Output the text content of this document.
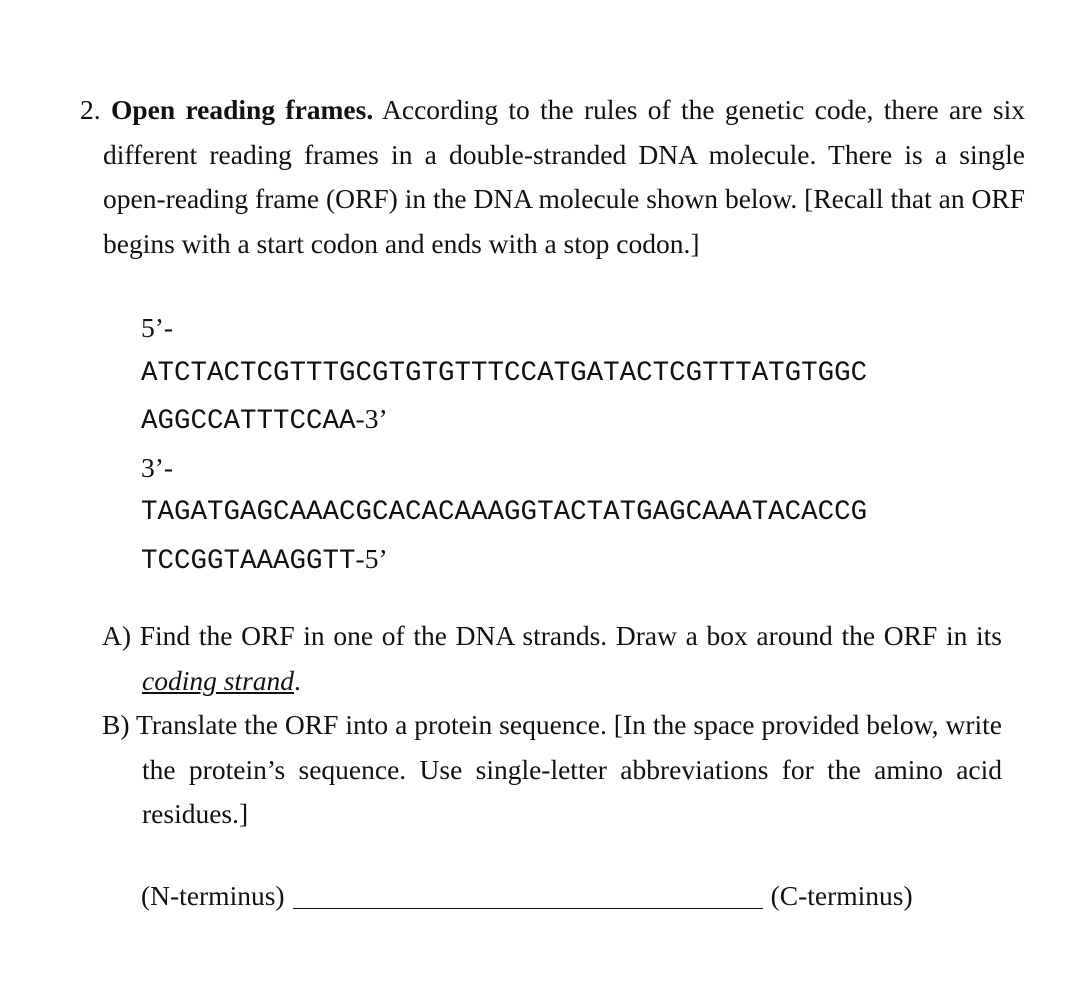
2. Open reading frames. According to the rules of the genetic code, there are six different reading frames in a double-stranded DNA molecule. There is a single open-reading frame (ORF) in the DNA molecule shown below. [Recall that an ORF begins with a start codon and ends with a stop codon.]
5’-
ATCTACTCGTTTGCGTGTGTTTCCATGATACTCGTTTATGTGGC
AGGCCATTTCCAA-3’
3’-
TAGATGAGCAAACGCACACAAAGGTACTATGAGCAAATACACCG
TCCGGTAAAGGTT-5’

A) Find the ORF in one of the DNA strands. Draw a box around the ORF in its coding strand.

B) Translate the ORF into a protein sequence. [In the space provided below, write the protein’s sequence. Use single-letter abbreviations for the amino acid residues.]

(N-terminus)	(C-terminus)
